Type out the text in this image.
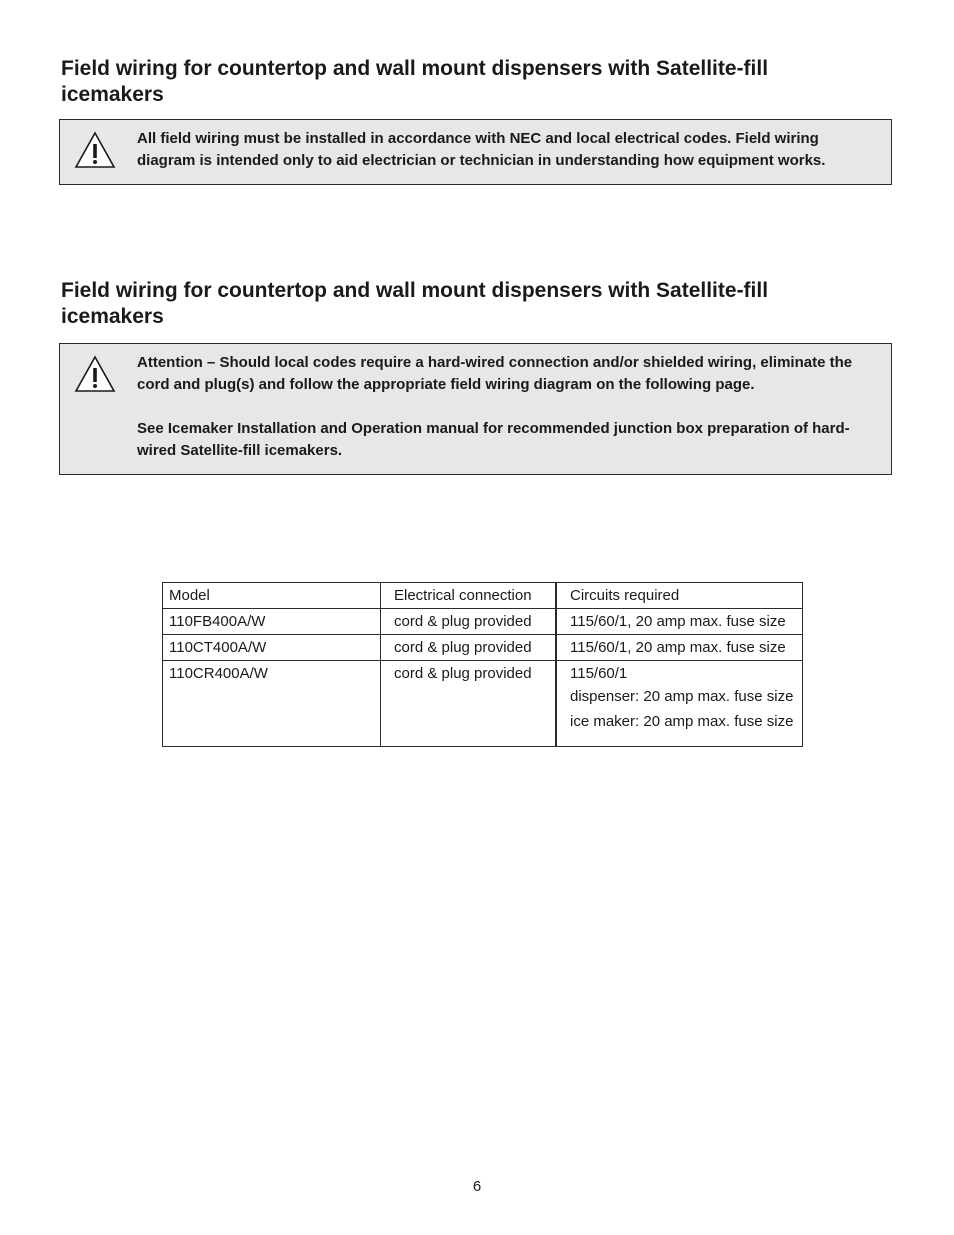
Field wiring for countertop and wall mount dispensers with Satellite-fill icemakers

All field wiring must be installed in accordance with NEC and local electrical codes. Field wiring diagram is intended only to aid electrician or technician in understanding how equipment works.

Field wiring for countertop and wall mount dispensers with Satellite-fill icemakers

Attention – Should local codes require a hard-wired connection and/or shielded wiring, eliminate the cord and plug(s) and follow the appropriate field wiring diagram on the following page.

See Icemaker Installation and Operation manual for recommended junction box preparation of hard-wired Satellite-fill icemakers.

Model	Electrical connection	Circuits required
110FB400A/W	cord & plug provided	115/60/1, 20 amp max. fuse size
110CT400A/W	cord & plug provided	115/60/1, 20 amp max. fuse size
110CR400A/W	cord & plug provided	115/60/1
dispenser: 20 amp max. fuse size
ice maker: 20 amp max. fuse size
6
